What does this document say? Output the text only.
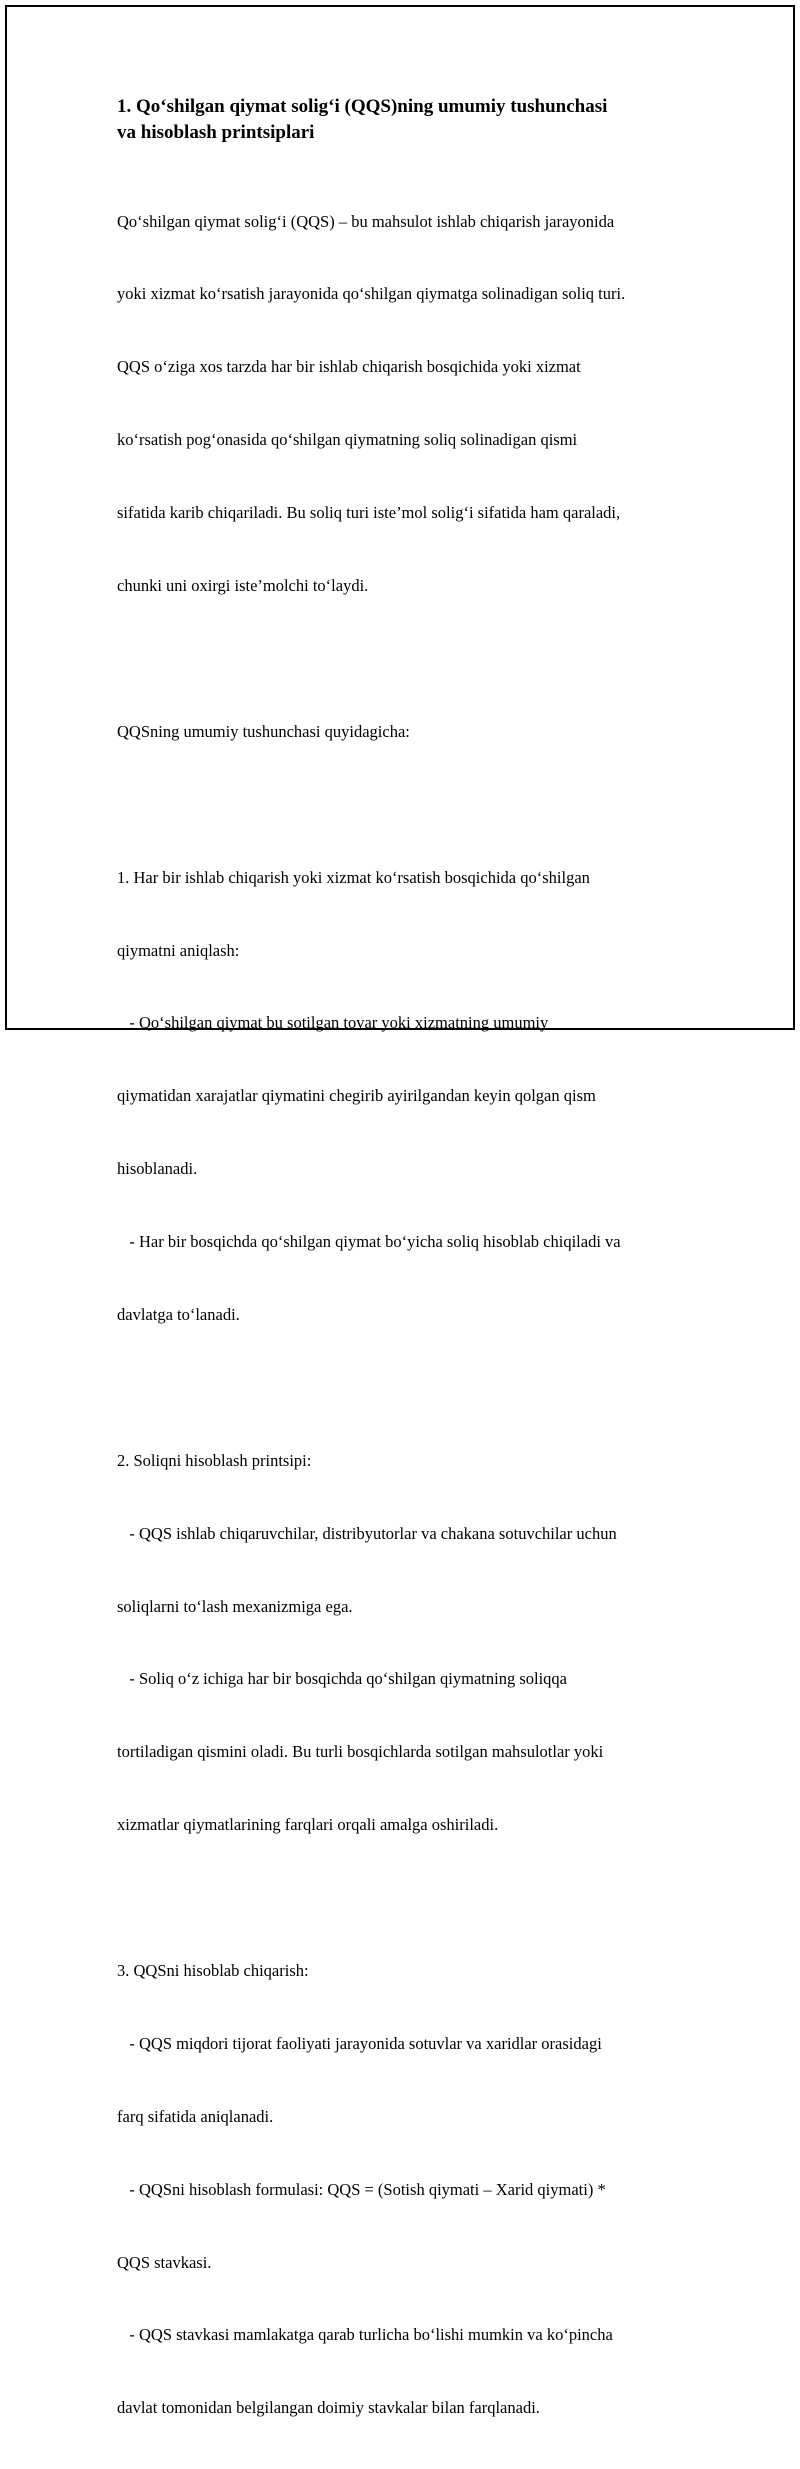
1. Qo‘shilgan qiymat solig‘i (QQS)ning umumiy tushunchasi
va hisoblash printsiplari

Qo‘shilgan qiymat solig‘i (QQS) – bu mahsulot ishlab chiqarish jarayonida

yoki xizmat ko‘rsatish jarayonida qo‘shilgan qiymatga solinadigan soliq turi.

QQS o‘ziga xos tarzda har bir ishlab chiqarish bosqichida yoki xizmat

ko‘rsatish pog‘onasida qo‘shilgan qiymatning soliq solinadigan qismi

sifatida karib chiqariladi. Bu soliq turi iste’mol solig‘i sifatida ham qaraladi,

chunki uni oxirgi iste’molchi to‘laydi.

QQSning umumiy tushunchasi quyidagicha:

1. Har bir ishlab chiqarish yoki xizmat ko‘rsatish bosqichida qo‘shilgan

qiymatni aniqlash:

- Qo‘shilgan qiymat bu sotilgan tovar yoki xizmatning umumiy

qiymatidan xarajatlar qiymatini chegirib ayirilgandan keyin qolgan qism

hisoblanadi.

- Har bir bosqichda qo‘shilgan qiymat bo‘yicha soliq hisoblab chiqiladi va

davlatga to‘lanadi.

2. Soliqni hisoblash printsipi:

- QQS ishlab chiqaruvchilar, distribyutorlar va chakana sotuvchilar uchun

soliqlarni to‘lash mexanizmiga ega.

- Soliq o‘z ichiga har bir bosqichda qo‘shilgan qiymatning soliqqa

tortiladigan qismini oladi. Bu turli bosqichlarda sotilgan mahsulotlar yoki

xizmatlar qiymatlarining farqlari orqali amalga oshiriladi.

3. QQSni hisoblab chiqarish:

- QQS miqdori tijorat faoliyati jarayonida sotuvlar va xaridlar orasidagi

farq sifatida aniqlanadi.

- QQSni hisoblash formulasi: QQS = (Sotish qiymati – Xarid qiymati) *

QQS stavkasi.

- QQS stavkasi mamlakatga qarab turlicha bo‘lishi mumkin va ko‘pincha

davlat tomonidan belgilangan doimiy stavkalar bilan farqlanadi.
